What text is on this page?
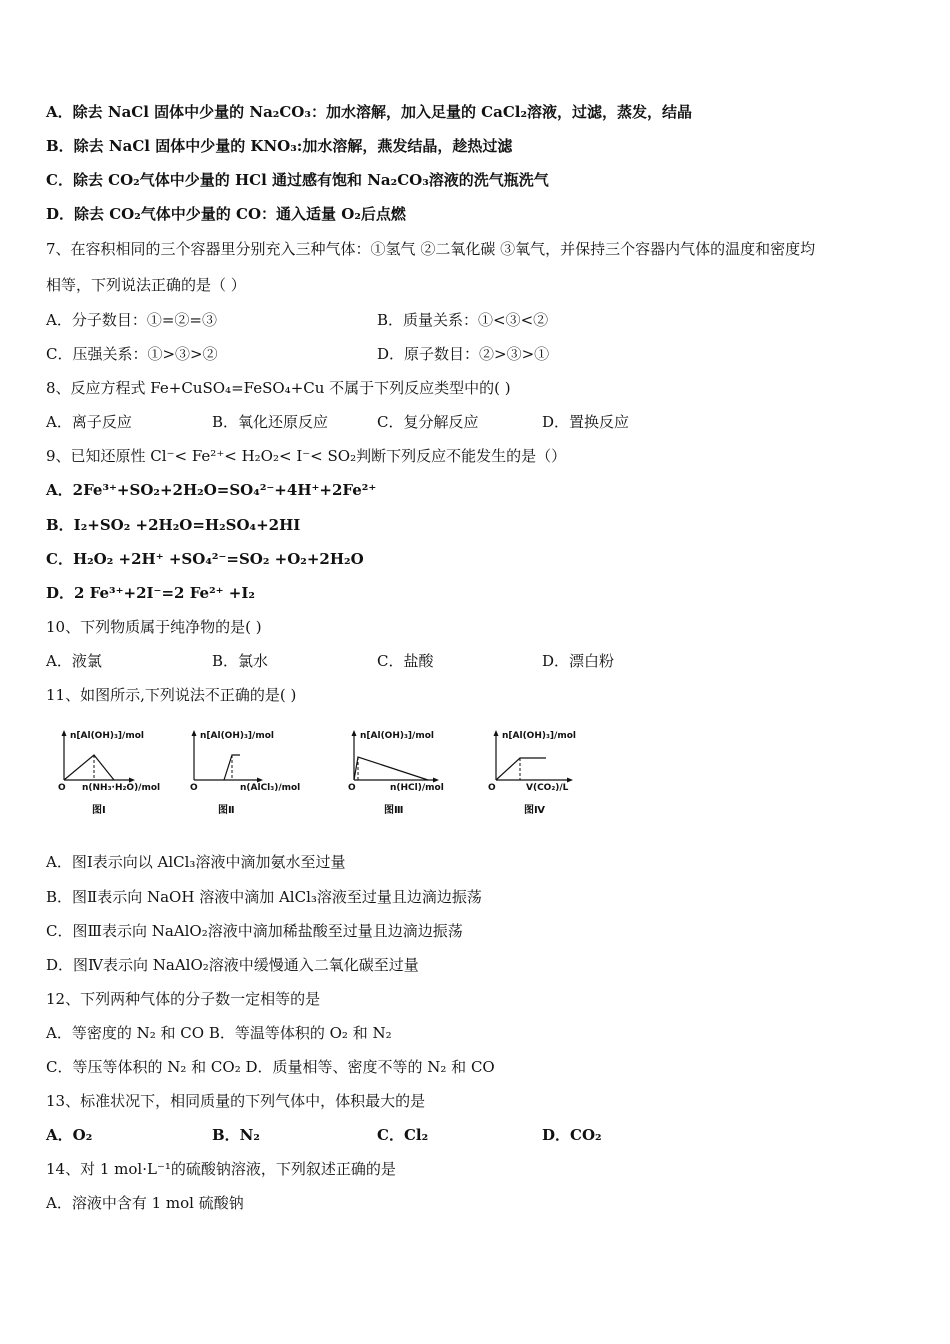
A．除去 NaCl 固体中少量的 Na₂CO₃：加水溶解，加入足量的 CaCl₂溶液，过滤，蒸发，结晶
B．除去 NaCl 固体中少量的 KNO₃:加水溶解，燕发结晶，趁热过滤
C．除去 CO₂气体中少量的 HCl 通过感有饱和 Na₂CO₃溶液的洗气瓶洗气
D．除去 CO₂气体中少量的 CO：通入适量 O₂后点燃
7、在容积相同的三个容器里分别充入三种气体：①氢气 ②二氧化碳 ③氧气，并保持三个容器内气体的温度和密度均
相等，下列说法正确的是（ ）
A．分子数目：①=②=③	B．质量关系：①<③<②
C．压强关系：①>③>②	D．原子数目：②>③>①
8、反应方程式 Fe+CuSO₄=FeSO₄+Cu 不属于下列反应类型中的( )
A．离子反应	B．氧化还原反应	C．复分解反应	D．置换反应
9、已知还原性 Cl⁻< Fe²⁺< H₂O₂< I⁻< SO₂判断下列反应不能发生的是（）
A．2Fe³⁺+SO₂+2H₂O=SO₄²⁻+4H⁺+2Fe²⁺
B．I₂+SO₂ +2H₂O=H₂SO₄+2HI
C．H₂O₂ +2H⁺ +SO₄²⁻=SO₂ +O₂+2H₂O
D．2 Fe³⁺+2I⁻=2 Fe²⁺ +I₂
10、下列物质属于纯净物的是( )
A．液氯	B．氯水	C．盐酸	D．漂白粉
11、如图所示,下列说法不正确的是( )
n[Al(OH)₃]/mol
O n(NH₃·H₂O)/mol
图Ⅰ
n[Al(OH)₃]/mol
O	n(AlCl₃)/mol
图Ⅱ
n[Al(OH)₃]/mol
O	n(HCl)/mol
图Ⅲ
n[Al(OH)₃]/mol
O	V(CO₂)/L
图Ⅳ
A．图Ⅰ表示向以 AlCl₃溶液中滴加氨水至过量
B．图Ⅱ表示向 NaOH 溶液中滴加 AlCl₃溶液至过量且边滴边振荡
C．图Ⅲ表示向 NaAlO₂溶液中滴加稀盐酸至过量且边滴边振荡
D．图Ⅳ表示向 NaAlO₂溶液中缓慢通入二氧化碳至过量
12、下列两种气体的分子数一定相等的是
A．等密度的 N₂ 和 CO B．等温等体积的 O₂ 和 N₂
C．等压等体积的 N₂ 和 CO₂ D．质量相等、密度不等的 N₂ 和 CO
13、标准状况下，相同质量的下列气体中，体积最大的是
A．O₂	B．N₂	C．Cl₂	D．CO₂
14、对 1 mol·L⁻¹的硫酸钠溶液，下列叙述正确的是
A．溶液中含有 1 mol 硫酸钠
